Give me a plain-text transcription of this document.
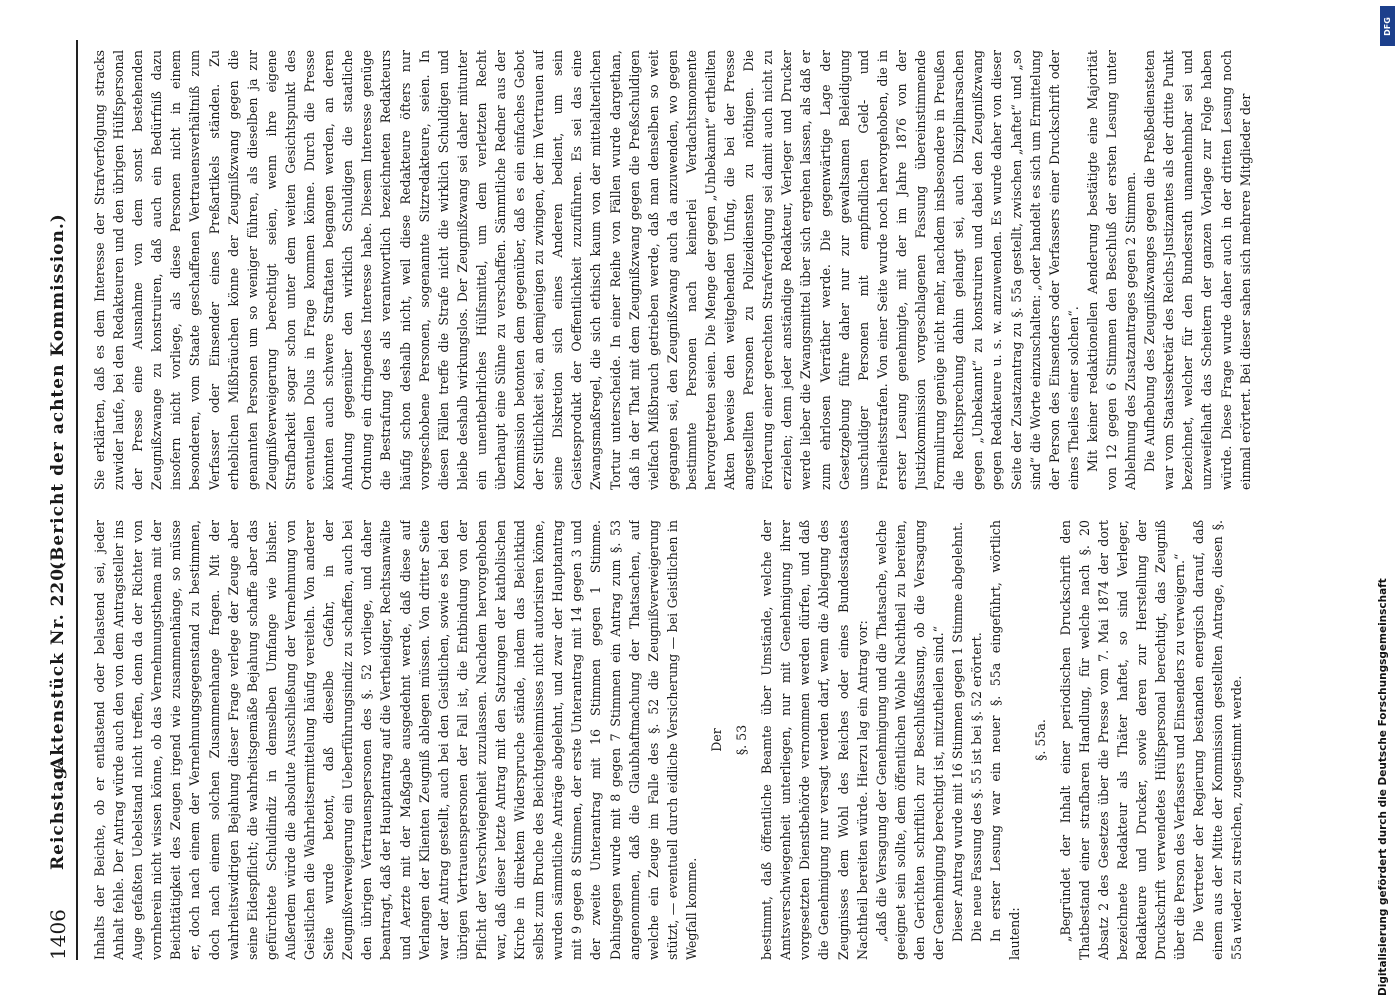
1406
Reichstag.
Aktenstück Nr. 220.
(Bericht der achten Kommission.)

Inhalts der Beichte, ob er entlastend oder belastend sei, jeder Anhalt fehle. Der Antrag würde auch den von dem Antragsteller ins Auge gefaßten Uebelstand nicht treffen, denn da der Richter von vornherein nicht wissen könne, ob das Vernehmungsthema mit der Beichttätigkeit des Zeugen irgend wie zusammenhänge, so müsse er, doch nach einem der Vernehmungsgegenstand zu bestimmen, doch nach einem solchen Zusammenhange fragen. Mit der wahrheitswidrigen Bejahung dieser Frage verlege der Zeuge aber seine Eidespflicht; die wahrheitsgemäße Bejahung schaffe aber das gefürchtete Schuldindiz in demselben Umfange wie bisher. Außerdem würde die absolute Ausschließung der Vernehmung von Geistlichen die Wahrheitsermittelung häufig vereiteln. Von anderer Seite wurde betont, daß dieselbe Gefahr, in der Zeugnißverweigerung ein Ueberführungsindiz zu schaffen, auch bei den übrigen Vertrauenspersonen des §. 52 vorliege, und daher beantragt, daß der Hauptantrag auf die Vertheidiger, Rechtsanwälte und Aerzte mit der Maßgabe ausgedehnt werde, daß diese auf Verlangen der Klienten Zeugniß ablegen müssen. Von dritter Seite war der Antrag gestellt, auch bei den Geistlichen, sowie es bei den übrigen Vertrauenspersonen der Fall ist, die Entbindung von der Pflicht der Verschwiegenheit zuzulassen. Nachdem hervorgehoben war, daß dieser letzte Antrag mit den Satzungen der katholischen Kirche in direktem Widerspruche stände, indem das Beichtkind selbst zum Bruche des Beichtgeheimnisses nicht autorisiren könne, wurden sämmtliche Anträge abgelehnt, und zwar der Hauptantrag mit 9 gegen 8 Stimmen, der erste Unterantrag mit 14 gegen 3 und der zweite Unterantrag mit 16 Stimmen gegen 1 Stimme. Dahingegen wurde mit 8 gegen 7 Stimmen ein Antrag zum §. 53 angenommen, daß die Glaubhaftmachung der Thatsachen, auf welche ein Zeuge im Falle des §. 52 die Zeugnißverweigerung stützt, — eventuell durch eidliche Versicherung — bei Geistlichen in Wegfall komme.

Der §. 53 bestimmt, daß öffentliche Beamte über Umstände, welche der Amtsverschwiegenheit unterliegen, nur mit Genehmigung ihrer vorgesetzten Dienstbehörde vernommen werden dürfen, und daß die Genehmigung nur versagt werden darf, wenn die Ablegung des Zeugnisses dem Wohl des Reiches oder eines Bundesstaates Nachtheil bereiten würde. Hierzu lag ein Antrag vor: „daß die Versagung der Genehmigung und die Thatsache, welche geeignet sein sollte, dem öffentlichen Wohle Nachtheil zu bereiten, den Gerichten schriftlich zur Beschlußfassung, ob die Versagung der Genehmigung berechtigt ist, mitzutheilen sind.“ Dieser Antrag wurde mit 16 Stimmen gegen 1 Stimme abgelehnt. Die neue Fassung des §. 55 ist bei §. 52 erörtert. In erster Lesung war ein neuer §. 55a eingeführt, wörtlich lautend:

§. 55a. „Begründet der Inhalt einer periodischen Druckschrift den Thatbestand einer strafbaren Handlung, für welche nach §. 20 Absatz 2 des Gesetzes über die Presse vom 7. Mai 1874 der dort bezeichnete Redakteur als Thäter haftet, so sind Verleger, Redakteure und Drucker, sowie deren zur Herstellung der Druckschrift verwendetes Hülfspersonal berechtigt, das Zeugniß über die Person des Verfassers und Einsenders zu verweigern.“ Die Vertreter der Regierung bestanden energisch darauf, daß einem aus der Mitte der Kommission gestellten Antrage, diesen §. 55a wieder zu streichen, zugestimmt werde.

Sie erklärten, daß es dem Interesse der Strafverfolgung stracks zuwider laufe, bei den Redakteuren und den übrigen Hülfspersonal der Presse eine Ausnahme von dem sonst bestehenden Zeugnißzwange zu konstruiren, daß auch ein Bedürfniß dazu insofern nicht vorliege, als diese Personen nicht in einem besonderen, vom Staate geschaffenen Vertrauensverhältniß zum Verfasser oder Einsender eines Preßartikels ständen. Zu erheblichen Mißbräuchen könne der Zeugnißzwang gegen die genannten Personen um so weniger führen, als dieselben ja zur Zeugnißverweigerung berechtigt seien, wenn ihre eigene Strafbarkeit sogar schon unter dem weiten Gesichtspunkt des eventuellen Dolus in Frage kommen könne. Durch die Presse könnten auch schwere Straftaten begangen werden, an deren Ahndung gegenüber den wirklich Schuldigen die staatliche Ordnung ein dringendes Interesse habe. Diesem Interesse genüge die Bestrafung des als verantwortlich bezeichneten Redakteurs häufig schon deshalb nicht, weil diese Redakteure öfters nur vorgeschobene Personen, sogenannte Sitzredakteure, seien. In diesen Fällen treffe die Strafe nicht die wirklich Schuldigen und bleibe deshalb wirkungslos. Der Zeugnißzwang sei daher mitunter ein unentbehrliches Hülfsmittel, um dem verletzten Recht überhaupt eine Sühne zu verschaffen. Sämmtliche Redner aus der Kommission betonten dem gegenüber, daß es ein einfaches Gebot der Sittlichkeit sei, an demjenigen zu zwingen, der im Vertrauen auf seine Diskretion sich eines Anderen bedient, um sein Geistesprodukt der Oeffentlichkeit zuzuführen. Es sei das eine Zwangsmaßregel, die sich ethisch kaum von der mittelalterlichen Tortur unterscheide. In einer Reihe von Fällen wurde dargethan, daß in der That mit dem Zeugnißzwang gegen die Preßschuldigen vielfach Mißbrauch getrieben werde, daß man denselben so weit gegangen sei, den Zeugnißzwang auch da anzuwenden, wo gegen bestimmte Personen nach keinerlei Verdachtsmomente hervorgetreten seien. Die Menge der gegen „Unbekannt“ ertheilten Akten beweise den weitgehenden Unfug, die bei der Presse angestellten Personen zu Polizeidiensten zu nöthigen. Die Förderung einer gerechten Strafverfolgung sei damit auch nicht zu erzielen; denn jeder anständige Redakteur, Verleger und Drucker werde lieber die Zwangsmittel über sich ergehen lassen, als daß er zum ehrlosen Verräther werde. Die gegenwärtige Lage der Gesetzgebung führe daher nur zur gewaltsamen Beleidigung unschuldiger Personen mit empfindlichen Geld- und Freiheitsstrafen. Von einer Seite wurde noch hervorgehoben, die in erster Lesung genehmigte, mit der im Jahre 1876 von der Justizkommission vorgeschlagenen Fassung übereinstimmende Formulirung genüge nicht mehr, nachdem insbesondere in Preußen die Rechtsprechung dahin gelangt sei, auch Disziplinarsachen gegen „Unbekannt“ zu konstruiren und dabei den Zeugnißzwang gegen Redakteure u. s. w. anzuwenden. Es wurde daher von dieser Seite der Zusatzantrag zu §. 55a gestellt, zwischen „haftet“ und „so sind“ die Worte einzuschalten: „oder handelt es sich um Ermittelung der Person des Einsenders oder Verfassers einer Druckschrift oder eines Theiles einer solchen“. Mit keiner redaktionellen Aenderung bestätigte eine Majorität von 12 gegen 6 Stimmen den Beschluß der ersten Lesung unter Ablehnung des Zusatzantrages gegen 2 Stimmen. Die Aufhebung des Zeugnißzwanges gegen die Preßbediensteten war vom Staatssekretär des Reichs-Justizamtes als der dritte Punkt bezeichnet, welcher für den Bundesrath unannehmbar sei und unzweifelhaft das Scheitern der ganzen Vorlage zur Folge haben würde. Diese Frage wurde daher auch in der dritten Lesung noch einmal erörtert. Bei dieser sahen sich mehrere Mitglieder der

Digitalisierung gefördert durch die Deutsche Forschungsgemeinschaft
DFG
